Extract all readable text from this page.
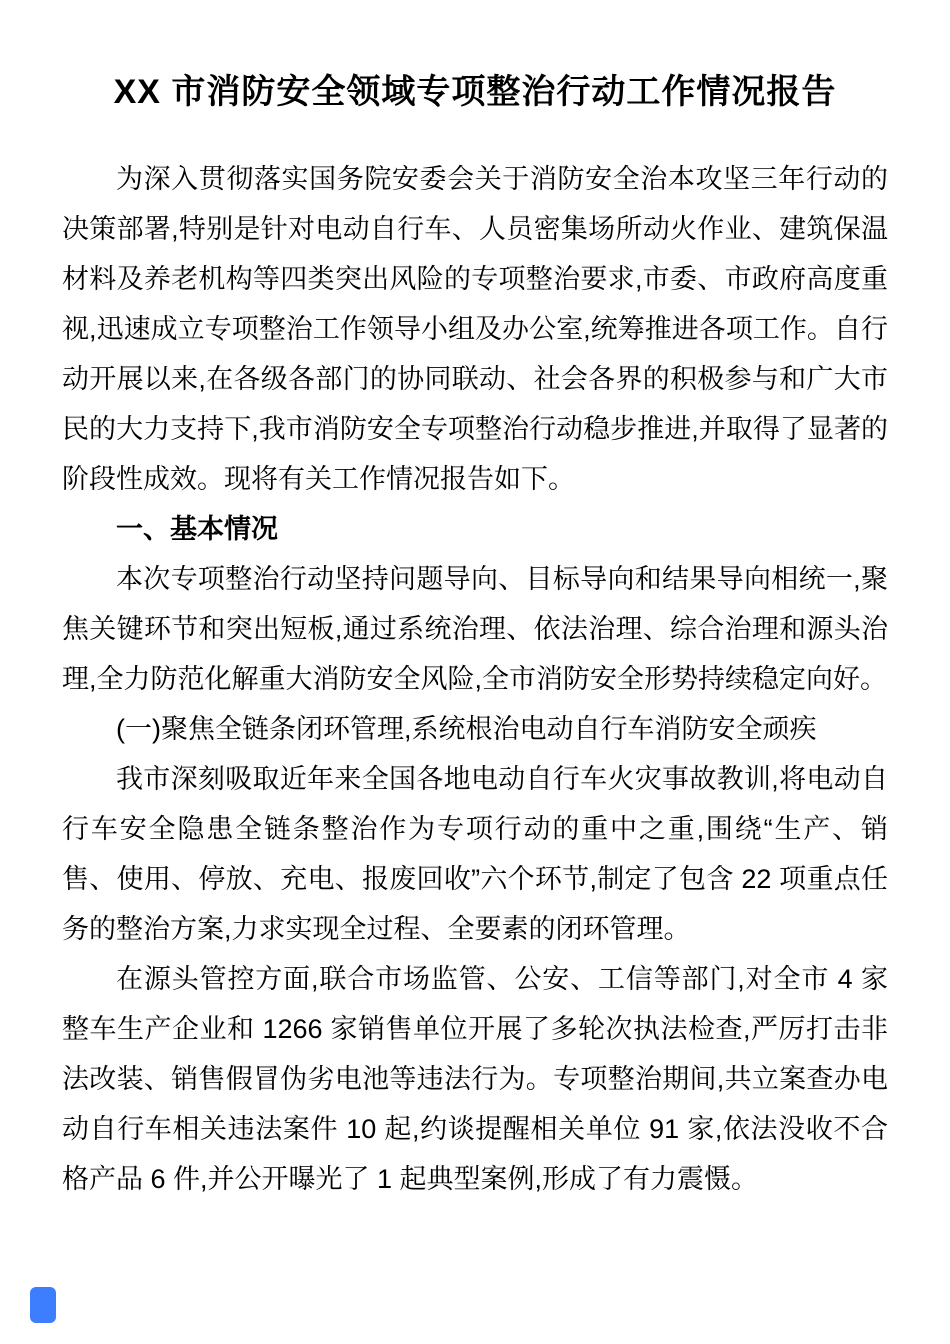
XX 市消防安全领域专项整治行动工作情况报告

为深入贯彻落实国务院安委会关于消防安全治本攻坚三年行动的决策部署,特别是针对电动自行车、人员密集场所动火作业、建筑保温材料及养老机构等四类突出风险的专项整治要求,市委、市政府高度重视,迅速成立专项整治工作领导小组及办公室,统筹推进各项工作。自行动开展以来,在各级各部门的协同联动、社会各界的积极参与和广大市民的大力支持下,我市消防安全专项整治行动稳步推进,并取得了显著的阶段性成效。现将有关工作情况报告如下。

一、基本情况

本次专项整治行动坚持问题导向、目标导向和结果导向相统一,聚焦关键环节和突出短板,通过系统治理、依法治理、综合治理和源头治理,全力防范化解重大消防安全风险,全市消防安全形势持续稳定向好。

(一)聚焦全链条闭环管理,系统根治电动自行车消防安全顽疾

我市深刻吸取近年来全国各地电动自行车火灾事故教训,将电动自行车安全隐患全链条整治作为专项行动的重中之重,围绕“生产、销售、使用、停放、充电、报废回收”六个环节,制定了包含 22 项重点任务的整治方案,力求实现全过程、全要素的闭环管理。

在源头管控方面,联合市场监管、公安、工信等部门,对全市 4 家整车生产企业和 1266 家销售单位开展了多轮次执法检查,严厉打击非法改装、销售假冒伪劣电池等违法行为。专项整治期间,共立案查办电动自行车相关违法案件 10 起,约谈提醒相关单位 91 家,依法没收不合格产品 6 件,并公开曝光了 1 起典型案例,形成了有力震慑。
